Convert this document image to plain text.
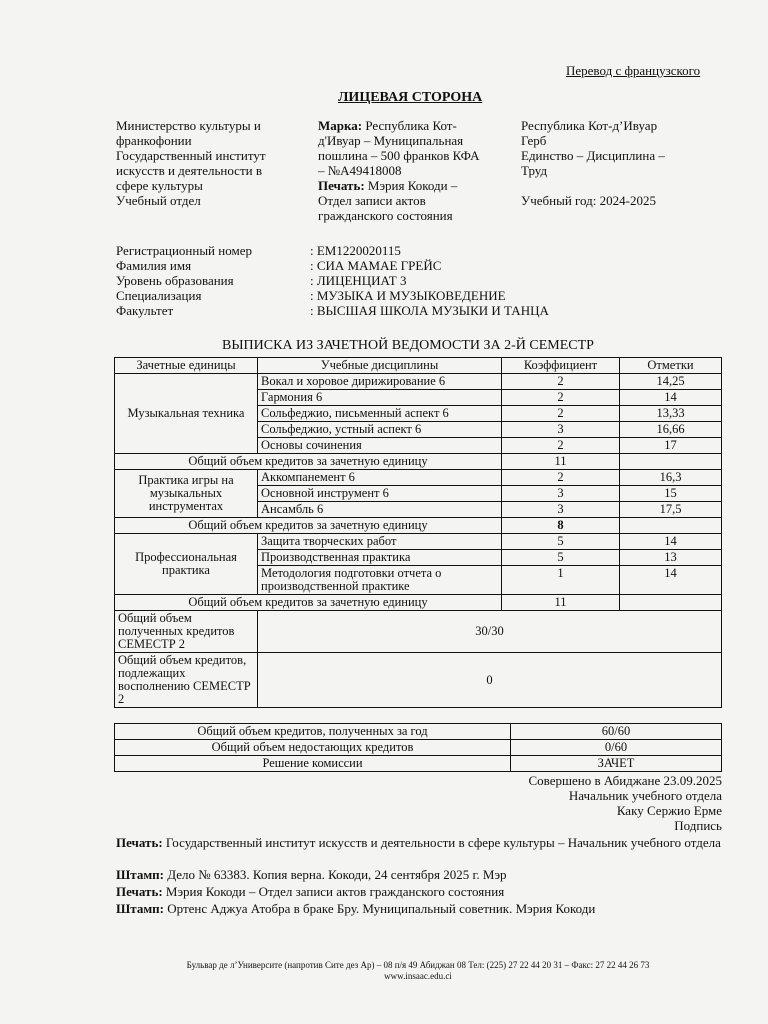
Перевод с французского
ЛИЦЕВАЯ СТОРОНА
Министерство культуры и
франкофонии
Государственный институт
искусств и деятельности в
сфере культуры
Учебный отдел
Марка: Республика Кот-
д'Ивуар – Муниципальная
пошлина – 500 франков КФА
– №A49418008
Печать: Мэрия Кокоди –
Отдел записи актов
гражданского состояния
Республика Кот-д’Ивуар
Герб
Единство – Дисциплина –
Труд
Учебный год: 2024-2025
Регистрационный номер	: EM1220020115
Фамилия имя	: СИА МАМАЕ ГРЕЙС
Уровень образования	: ЛИЦЕНЦИАТ 3
Специализация	: МУЗЫКА И МУЗЫКОВЕДЕНИЕ
Факультет	: ВЫСШАЯ ШКОЛА МУЗЫКИ И ТАНЦА
ВЫПИСКА ИЗ ЗАЧЕТНОЙ ВЕДОМОСТИ ЗА 2-Й СЕМЕСТР
Зачетные единицы	Учебные дисциплины	Коэффициент	Отметки
Музыкальная техника	Вокал и хоровое дирижирование 6	2	14,25
	Гармония 6	2	14
	Сольфеджио, письменный аспект 6	2	13,33
	Сольфеджио, устный аспект 6	3	16,66
	Основы сочинения	2	17
Общий объем кредитов за зачетную единицу		11	
Практика игры на музыкальных инструментах	Аккомпанемент 6	2	16,3
	Основной инструмент 6	3	15
	Ансамбль 6	3	17,5
Общий объем кредитов за зачетную единицу		8	
Профессиональная практика	Защита творческих работ	5	14
	Производственная практика	5	13
	Методология подготовки отчета о производственной практике	1	14
Общий объем кредитов за зачетную единицу		11	
Общий объем полученных кредитов СЕМЕСТР 2	30/30		
Общий объем кредитов, подлежащих восполнению СЕМЕСТР 2	0		
Общий объем кредитов, полученных за год	60/60
Общий объем недостающих кредитов	0/60
Решение комиссии	ЗАЧЕТ
Совершено в Абиджане 23.09.2025
Начальник учебного отдела
Каку Сержио Ерме
Подпись
Печать: Государственный институт искусств и деятельности в сфере культуры – Начальник учебного отдела
Штамп: Дело № 63383. Копия верна. Кокоди, 24 сентября 2025 г. Мэр
Печать: Мэрия Кокоди – Отдел записи актов гражданского состояния
Штамп: Ортенс Аджуа Атобра в браке Бру. Муниципальный советник. Мэрия Кокоди
Бульвар де л’Университе (напротив Сите дез Ар) – 08 п/я 49 Абиджан 08 Тел: (225) 27 22 44 20 31 – Факс: 27 22 44 26 73
www.insaac.edu.ci
